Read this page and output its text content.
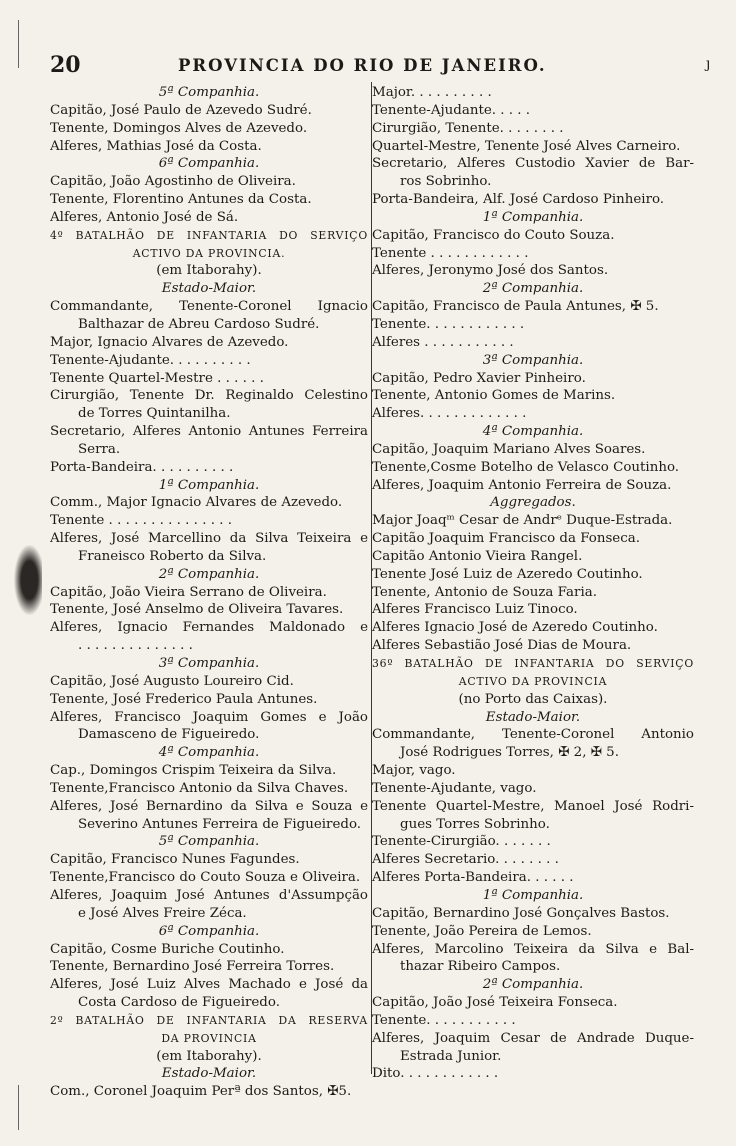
20	PROVINCIA DO RIO DE JANEIRO.	ȷ
5ª Companhia.
Capitão, José Paulo de Azevedo Sudré.
Tenente, Domingos Alves de Azevedo.
Alferes, Mathias José da Costa.
6ª Companhia.
Capitão, João Agostinho de Oliveira.
Tenente, Florentino Antunes da Costa.
Alferes, Antonio José de Sá.
4º BATALHÃO DE INFANTARIA DO SERVIÇO
ACTIVO DA PROVINCIA.
(em Itaborahy).
Estado-Maior.
Commandante, Tenente-Coronel Ignacio
Balthazar de Abreu Cardoso Sudré.
Major, Ignacio Alvares de Azevedo.
Tenente-Ajudante. . . . . . . . . .
Tenente Quartel-Mestre . . . . . .
Cirurgião, Tenente Dr. Reginaldo Celestino
de Torres Quintanilha.
Secretario, Alferes Antonio Antunes Ferreira
Serra.
Porta-Bandeira. . . . . . . . . .
1ª Companhia.
Comm., Major Ignacio Alvares de Azevedo.
Tenente . . . . . . . . . . . . . . .
Alferes, José Marcellino da Silva Teixeira e
Franeisco Roberto da Silva.
2ª Companhia.
Capitão, João Vieira Serrano de Oliveira.
Tenente, José Anselmo de Oliveira Tavares.
Alferes, Ignacio Fernandes Maldonado e
. . . . . . . . . . . . . .
3ª Companhia.
Capitão, José Augusto Loureiro Cid.
Tenente, José Frederico Paula Antunes.
Alferes, Francisco Joaquim Gomes e João
Damasceno de Figueiredo.
4ª Companhia.
Cap., Domingos Crispim Teixeira da Silva.
Tenente,Francisco Antonio da Silva Chaves.
Alferes, José Bernardino da Silva e Souza e
Severino Antunes Ferreira de Figueiredo.
5ª Companhia.
Capitão, Francisco Nunes Fagundes.
Tenente,Francisco do Couto Souza e Oliveira.
Alferes, Joaquim José Antunes d'Assumpção
e José Alves Freire Zéca.
6ª Companhia.
Capitão, Cosme Buriche Coutinho.
Tenente, Bernardino José Ferreira Torres.
Alferes, José Luiz Alves Machado e José da
Costa Cardoso de Figueiredo.
2º BATALHÃO DE INFANTARIA DA RESERVA
DA PROVINCIA
(em Itaborahy).
Estado-Maior.
Com., Coronel Joaquim Perª dos Santos, ✠5.
Major. . . . . . . . . .
Tenente-Ajudante. . . . .
Cirurgião, Tenente. . . . . . . .
Quartel-Mestre, Tenente José Alves Carneiro.
Secretario, Alferes Custodio Xavier de Bar-
ros Sobrinho.
Porta-Bandeira, Alf. José Cardoso Pinheiro.
1ª Companhia.
Capitão, Francisco do Couto Souza.
Tenente . . . . . . . . . . . .
Alferes, Jeronymo José dos Santos.
2ª Companhia.
Capitão, Francisco de Paula Antunes, ✠ 5.
Tenente. . . . . . . . . . . .
Alferes . . . . . . . . . . .
3ª Companhia.
Capitão, Pedro Xavier Pinheiro.
Tenente, Antonio Gomes de Marins.
Alferes. . . . . . . . . . . . .
4ª Companhia.
Capitão, Joaquim Mariano Alves Soares.
Tenente,Cosme Botelho de Velasco Coutinho.
Alferes, Joaquim Antonio Ferreira de Souza.
Aggregados.
Major Joaqᵐ Cesar de Andrᵉ Duque-Estrada.
Capitão Joaquim Francisco da Fonseca.
Capitão Antonio Vieira Rangel.
Tenente José Luiz de Azeredo Coutinho.
Tenente, Antonio de Souza Faria.
Alferes Francisco Luiz Tinoco.
Alferes Ignacio José de Azeredo Coutinho.
Alferes Sebastião José Dias de Moura.
36º BATALHÃO DE INFANTARIA DO SERVIÇO
ACTIVO DA PROVINCIA
(no Porto das Caixas).
Estado-Maior.
Commandante, Tenente-Coronel Antonio
José Rodrigues Torres, ✠ 2, ✠ 5.
Major, vago.
Tenente-Ajudante, vago.
Tenente Quartel-Mestre, Manoel José Rodri-
gues Torres Sobrinho.
Tenente-Cirurgião. . . . . . .
Alferes Secretario. . . . . . . .
Alferes Porta-Bandeira. . . . . .
1ª Companhia.
Capitão, Bernardino José Gonçalves Bastos.
Tenente, João Pereira de Lemos.
Alferes, Marcolino Teixeira da Silva e Bal-
thazar Ribeiro Campos.
2ª Companhia.
Capitão, João José Teixeira Fonseca.
Tenente. . . . . . . . . . .
Alferes, Joaquim Cesar de Andrade Duque-
Estrada Junior.
Dito. . . . . . . . . . . .
